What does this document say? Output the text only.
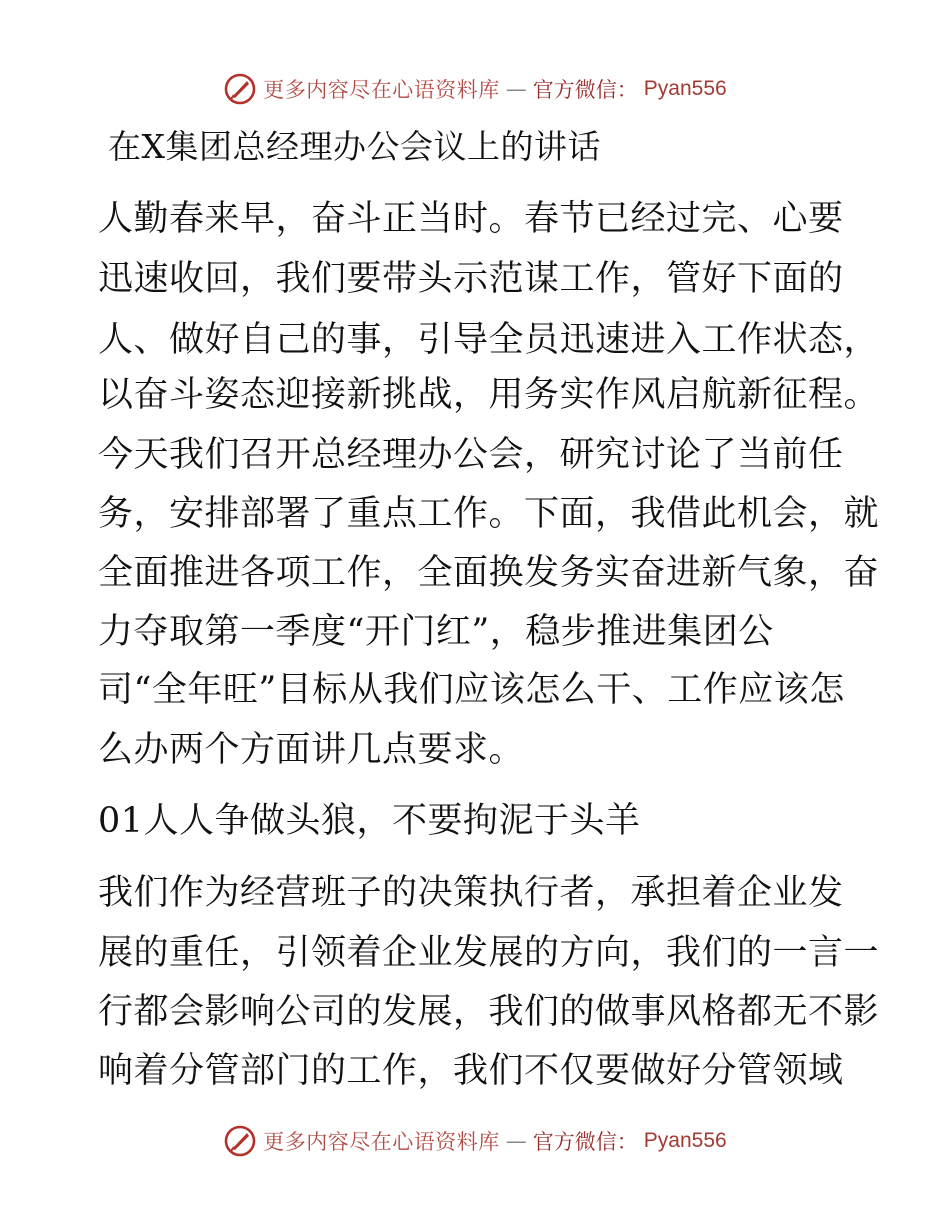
更多内容尽在心语资料库 — 官方微信： Pyan556
在X集团总经理办公会议上的讲话
人勤春来早，奋斗正当时。春节已经过完、心要
迅速收回，我们要带头示范谋工作，管好下面的
人、做好自己的事，引导全员迅速进入工作状态，
以奋斗姿态迎接新挑战，用务实作风启航新征程。
今天我们召开总经理办公会，研究讨论了当前任
务，安排部署了重点工作。下面，我借此机会，就
全面推进各项工作，全面换发务实奋进新气象，奋
力夺取第一季度“开门红”，稳步推进集团公
司“全年旺”目标从我们应该怎么干、工作应该怎
么办两个方面讲几点要求。
01人人争做头狼，不要拘泥于头羊
我们作为经营班子的决策执行者，承担着企业发
展的重任，引领着企业发展的方向，我们的一言一
行都会影响公司的发展，我们的做事风格都无不影
响着分管部门的工作，我们不仅要做好分管领域
更多内容尽在心语资料库 — 官方微信： Pyan556
